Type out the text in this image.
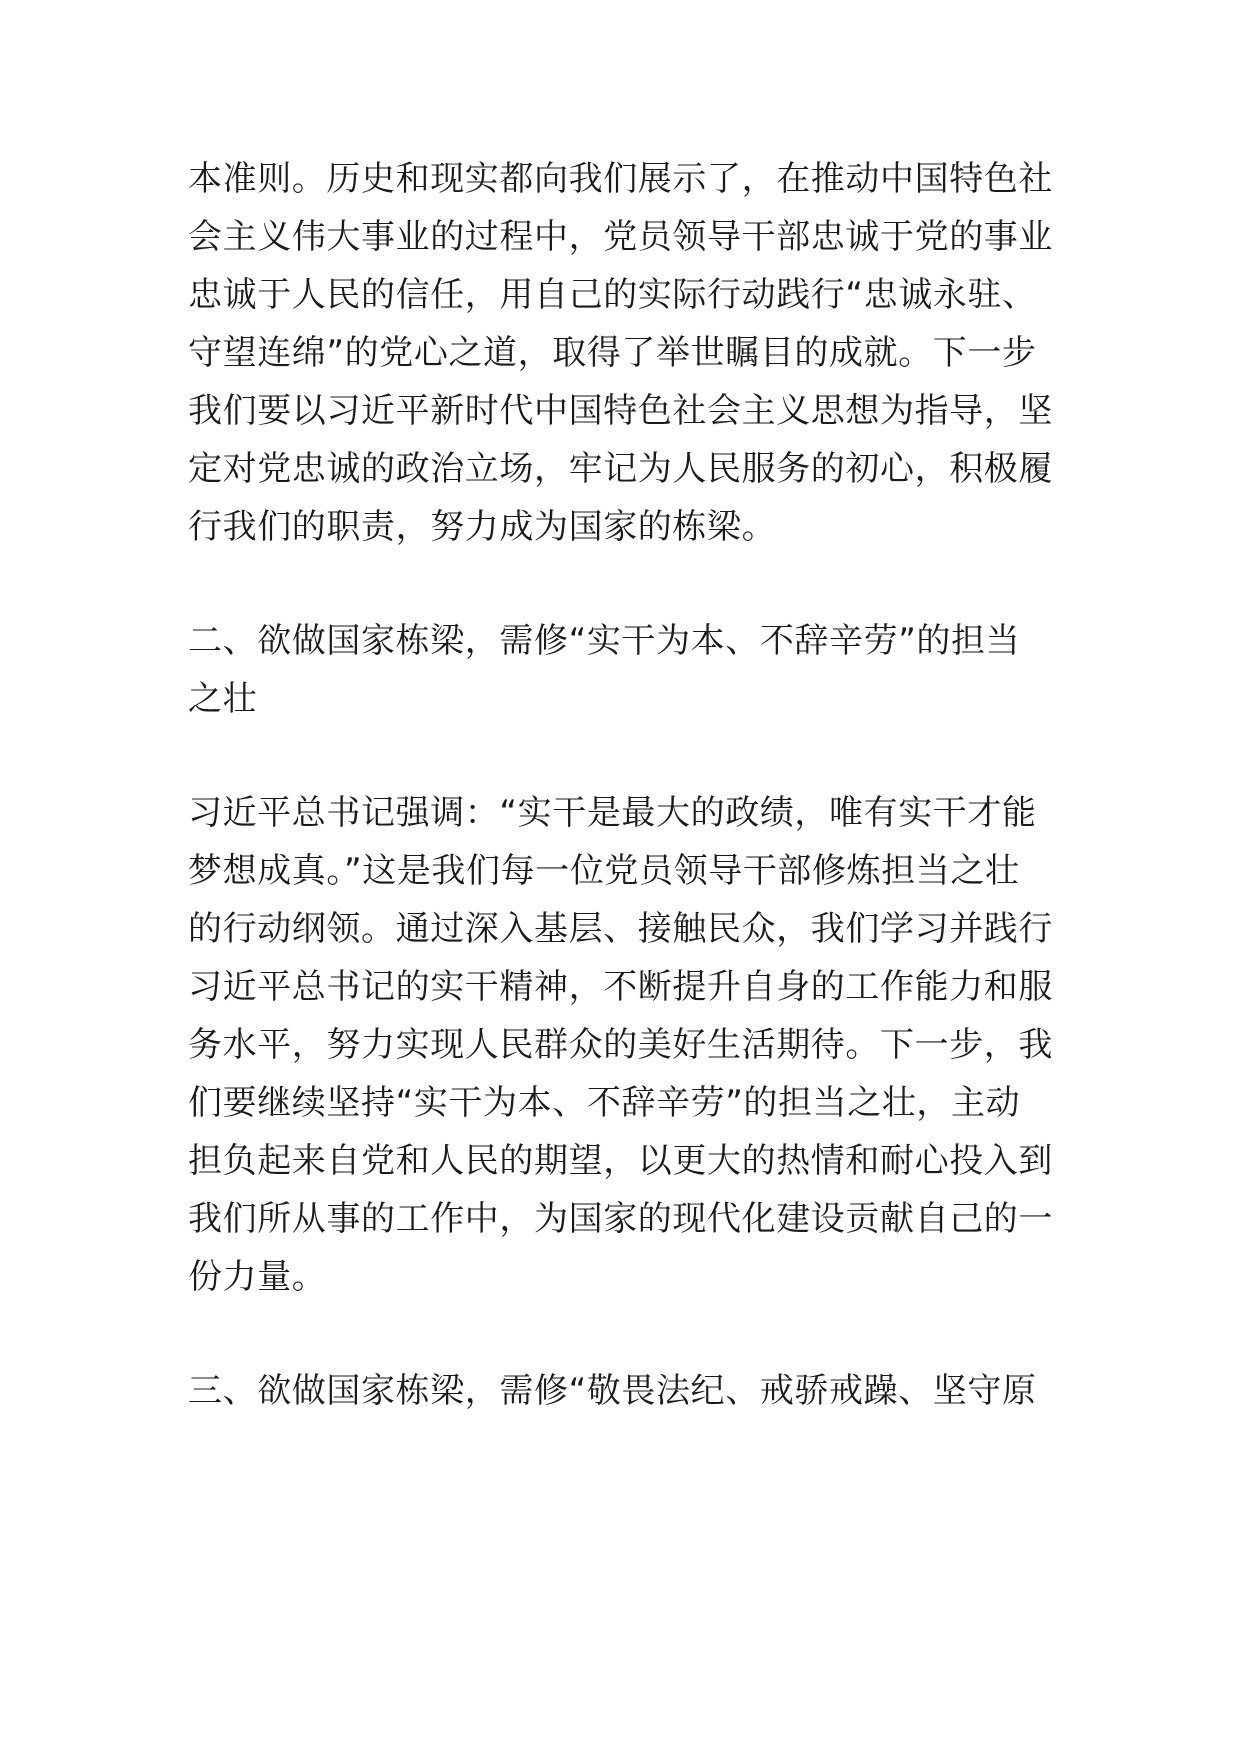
本准则。历史和现实都向我们展示了，在推动中国特色社
会主义伟大事业的过程中，党员领导干部忠诚于党的事业
忠诚于人民的信任，用自己的实际行动践行“忠诚永驻、
守望连绵”的党心之道，取得了举世瞩目的成就。下一步
我们要以习近平新时代中国特色社会主义思想为指导，坚
定对党忠诚的政治立场，牢记为人民服务的初心，积极履
行我们的职责，努力成为国家的栋梁。
二、欲做国家栋梁，需修“实干为本、不辞辛劳”的担当
之壮
习近平总书记强调：“实干是最大的政绩，唯有实干才能
梦想成真。”这是我们每一位党员领导干部修炼担当之壮
的行动纲领。通过深入基层、接触民众，我们学习并践行
习近平总书记的实干精神，不断提升自身的工作能力和服
务水平，努力实现人民群众的美好生活期待。下一步，我
们要继续坚持“实干为本、不辞辛劳”的担当之壮，主动
担负起来自党和人民的期望，以更大的热情和耐心投入到
我们所从事的工作中，为国家的现代化建设贡献自己的一
份力量。
三、欲做国家栋梁，需修“敬畏法纪、戒骄戒躁、坚守原
